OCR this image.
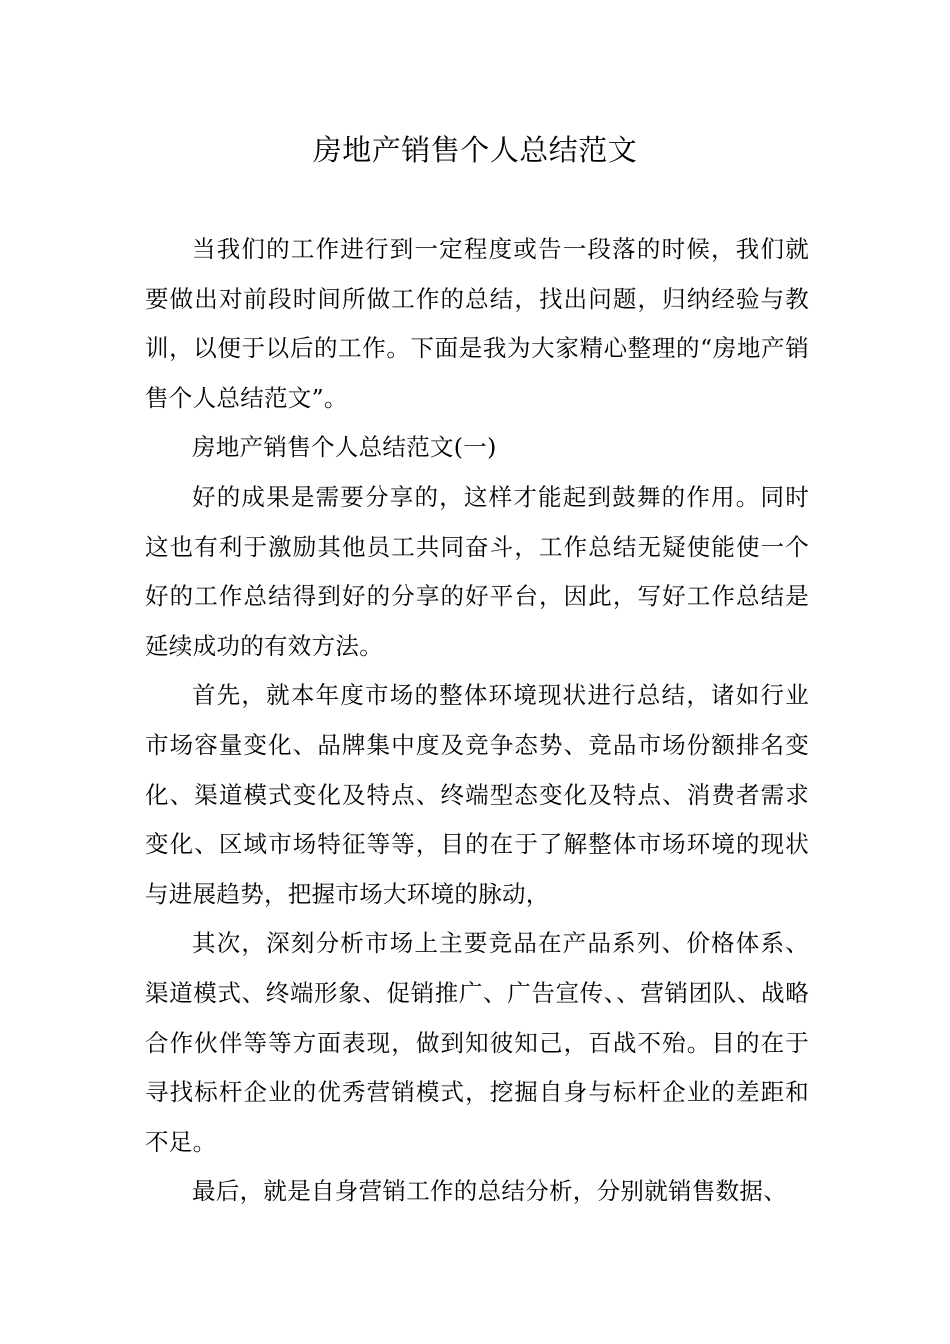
房地产销售个人总结范文

当我们的工作进行到一定程度或告一段落的时候，我们就要做出对前段时间所做工作的总结，找出问题，归纳经验与教训，以便于以后的工作。下面是我为大家精心整理的“房地产销售个人总结范文”。

房地产销售个人总结范文(一)

好的成果是需要分享的，这样才能起到鼓舞的作用。同时这也有利于激励其他员工共同奋斗，工作总结无疑使能使一个好的工作总结得到好的分享的好平台，因此，写好工作总结是延续成功的有效方法。

首先，就本年度市场的整体环境现状进行总结，诸如行业市场容量变化、品牌集中度及竞争态势、竞品市场份额排名变化、渠道模式变化及特点、终端型态变化及特点、消费者需求变化、区域市场特征等等，目的在于了解整体市场环境的现状与进展趋势，把握市场大环境的脉动，

其次，深刻分析市场上主要竞品在产品系列、价格体系、渠道模式、终端形象、促销推广、广告宣传、、营销团队、战略合作伙伴等等方面表现，做到知彼知己，百战不殆。目的在于寻找标杆企业的优秀营销模式，挖掘自身与标杆企业的差距和不足。

最后，就是自身营销工作的总结分析，分别就销售数据、
